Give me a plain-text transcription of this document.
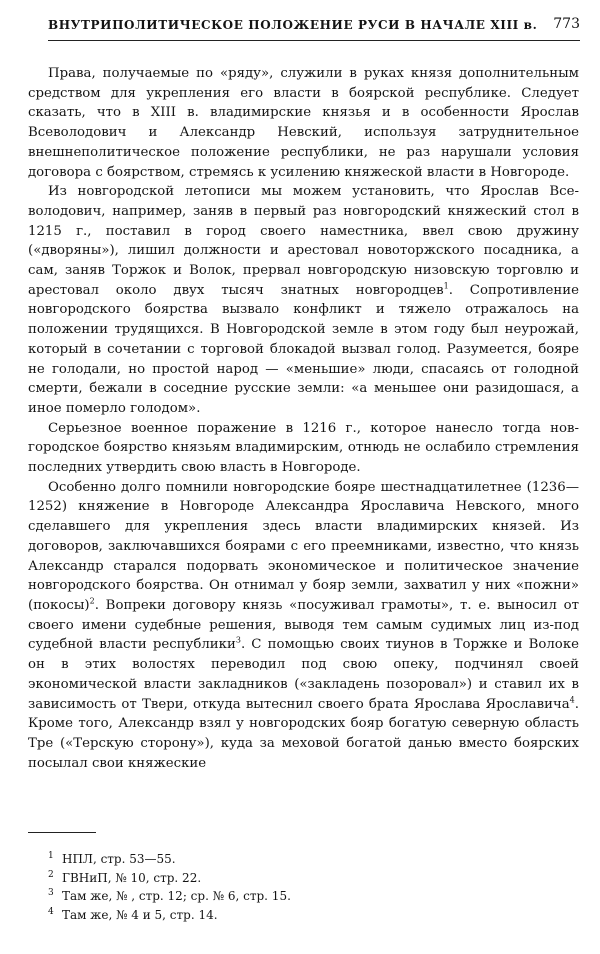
ВНУТРИПОЛИТИЧЕСКОЕ ПОЛОЖЕНИЕ РУСИ В НАЧАЛЕ XIII в. 773

Права, получаемые по «ряду», служили в руках князя дополнительным средством для укрепления его власти в боярской республике. Следует сказать, что в XIII в. владимирские князья и в особенности Ярослав Всеволодович и Александр Невский, используя затруднительное внешнеполитическое положение республики, не раз нарушали условия договора с боярством, стремясь к усилению княжеской власти в Новгороде.

Из новгородской летописи мы можем установить, что Ярослав Всеволодович, например, заняв в первый раз новгородский княжеский стол в 1215 г., поставил в город своего наместника, ввел свою дружину («дворяны»), лишил должности и арестовал новоторжского посадника, а сам, заняв Торжок и Волок, прервал новгородскую низовскую торговлю и арестовал около двух тысяч знатных новгородцев$^1$. Сопротивление новгородского боярства вызвало конфликт и тяжело отражалось на положении трудящихся. В Новгородской земле в этом году был неурожай, который в сочетании с торговой блокадой вызвал голод. Разумеется, бояре не голодали, но простой народ — «меньшие» люди, спасаясь от голодной смерти, бежали в соседние русские земли: «а меньшее они разидошася, а иное померло голодом».

Серьезное военное поражение в 1216 г., которое нанесло тогда новгородское боярство князьям владимирским, отнюдь не ослабило стремления последних утвердить свою власть в Новгороде.

Особенно долго помнили новгородские бояре шестнадцатилетнее (1236—1252) княжение в Новгороде Александра Ярославича Невского, много сделавшего для укрепления здесь власти владимирских князей. Из договоров, заключавшихся боярами с его преемниками, известно, что князь Александр старался подорвать экономическое и политическое значение новгородского боярства. Он отнимал у бояр земли, захватил у них «пожни» (покосы)$^2$. Вопреки договору князь «посуживал грамоты», т. е. выносил от своего имени судебные решения, выводя тем самым судимых лиц из-под судебной власти республики$^3$. С помощью своих тиунов в Торжке и Волоке он в этих волостях переводил под свою опеку, подчинял своей экономической власти закладников («закладень позоровал») и ставил их в зависимость от Твери, откуда вытеснил своего брата Ярослава Ярославича$^4$. Кроме того, Александр взял у новгородских бояр богатую северную область Тре («Терскую сторону»), куда за меховой богатой данью вместо боярских посылал свои княжеские

1 НПЛ, стр. 53—55.
2 ГВНиП, № 10, стр. 22.
3 Там же, № , стр. 12; ср. № 6, стр. 15.
4 Там же, № 4 и 5, стр. 14.
